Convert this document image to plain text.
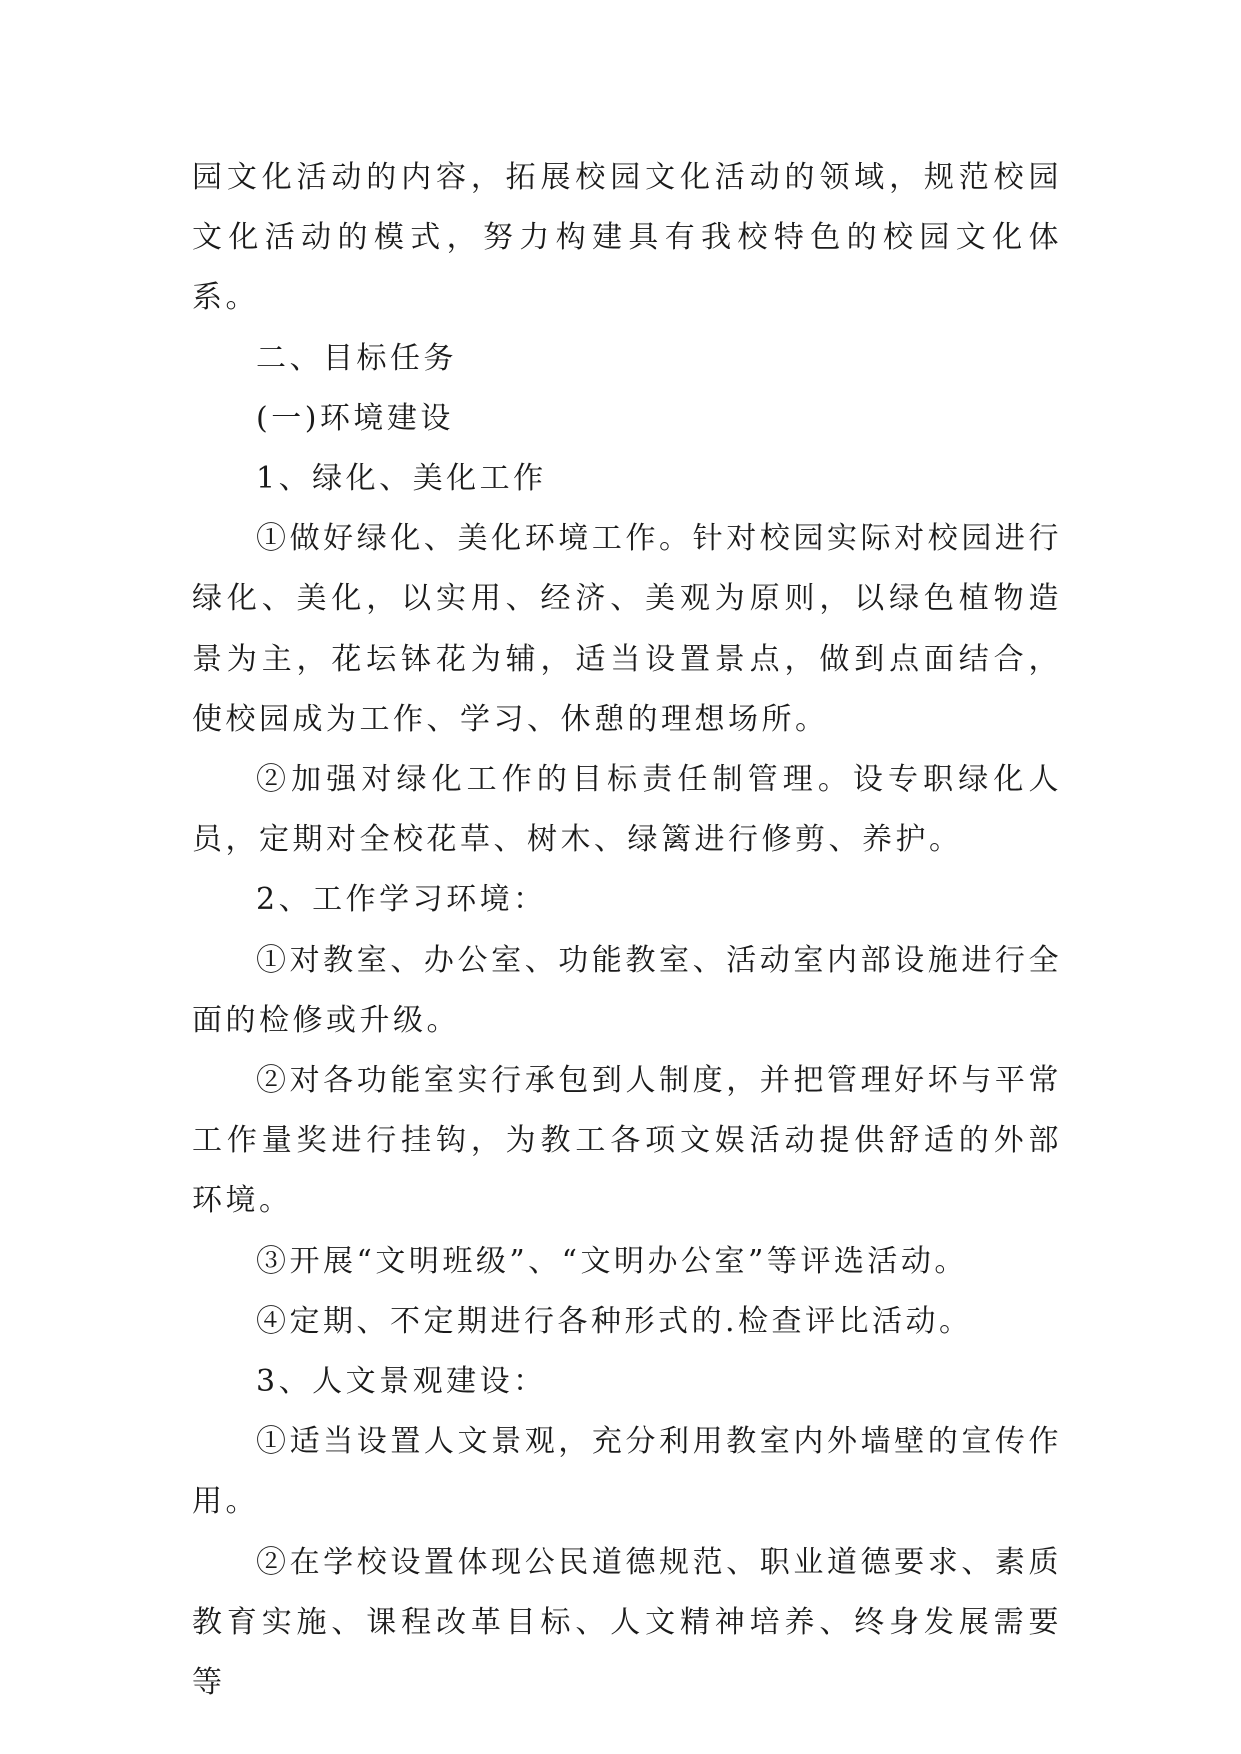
园文化活动的内容，拓展校园文化活动的领域，规范校园文化活动的模式，努力构建具有我校特色的校园文化体系。

二、目标任务

(一)环境建设

1、绿化、美化工作

①做好绿化、美化环境工作。针对校园实际对校园进行绿化、美化，以实用、经济、美观为原则，以绿色植物造景为主，花坛钵花为辅，适当设置景点，做到点面结合，使校园成为工作、学习、休憩的理想场所。

②加强对绿化工作的目标责任制管理。设专职绿化人员，定期对全校花草、树木、绿篱进行修剪、养护。

2、工作学习环境：

①对教室、办公室、功能教室、活动室内部设施进行全面的检修或升级。

②对各功能室实行承包到人制度，并把管理好坏与平常工作量奖进行挂钩，为教工各项文娱活动提供舒适的外部环境。

③开展“文明班级”、“文明办公室”等评选活动。

④定期、不定期进行各种形式的.检查评比活动。

3、人文景观建设：

①适当设置人文景观，充分利用教室内外墙壁的宣传作用。

②在学校设置体现公民道德规范、职业道德要求、素质教育实施、课程改革目标、人文精神培养、终身发展需要等
